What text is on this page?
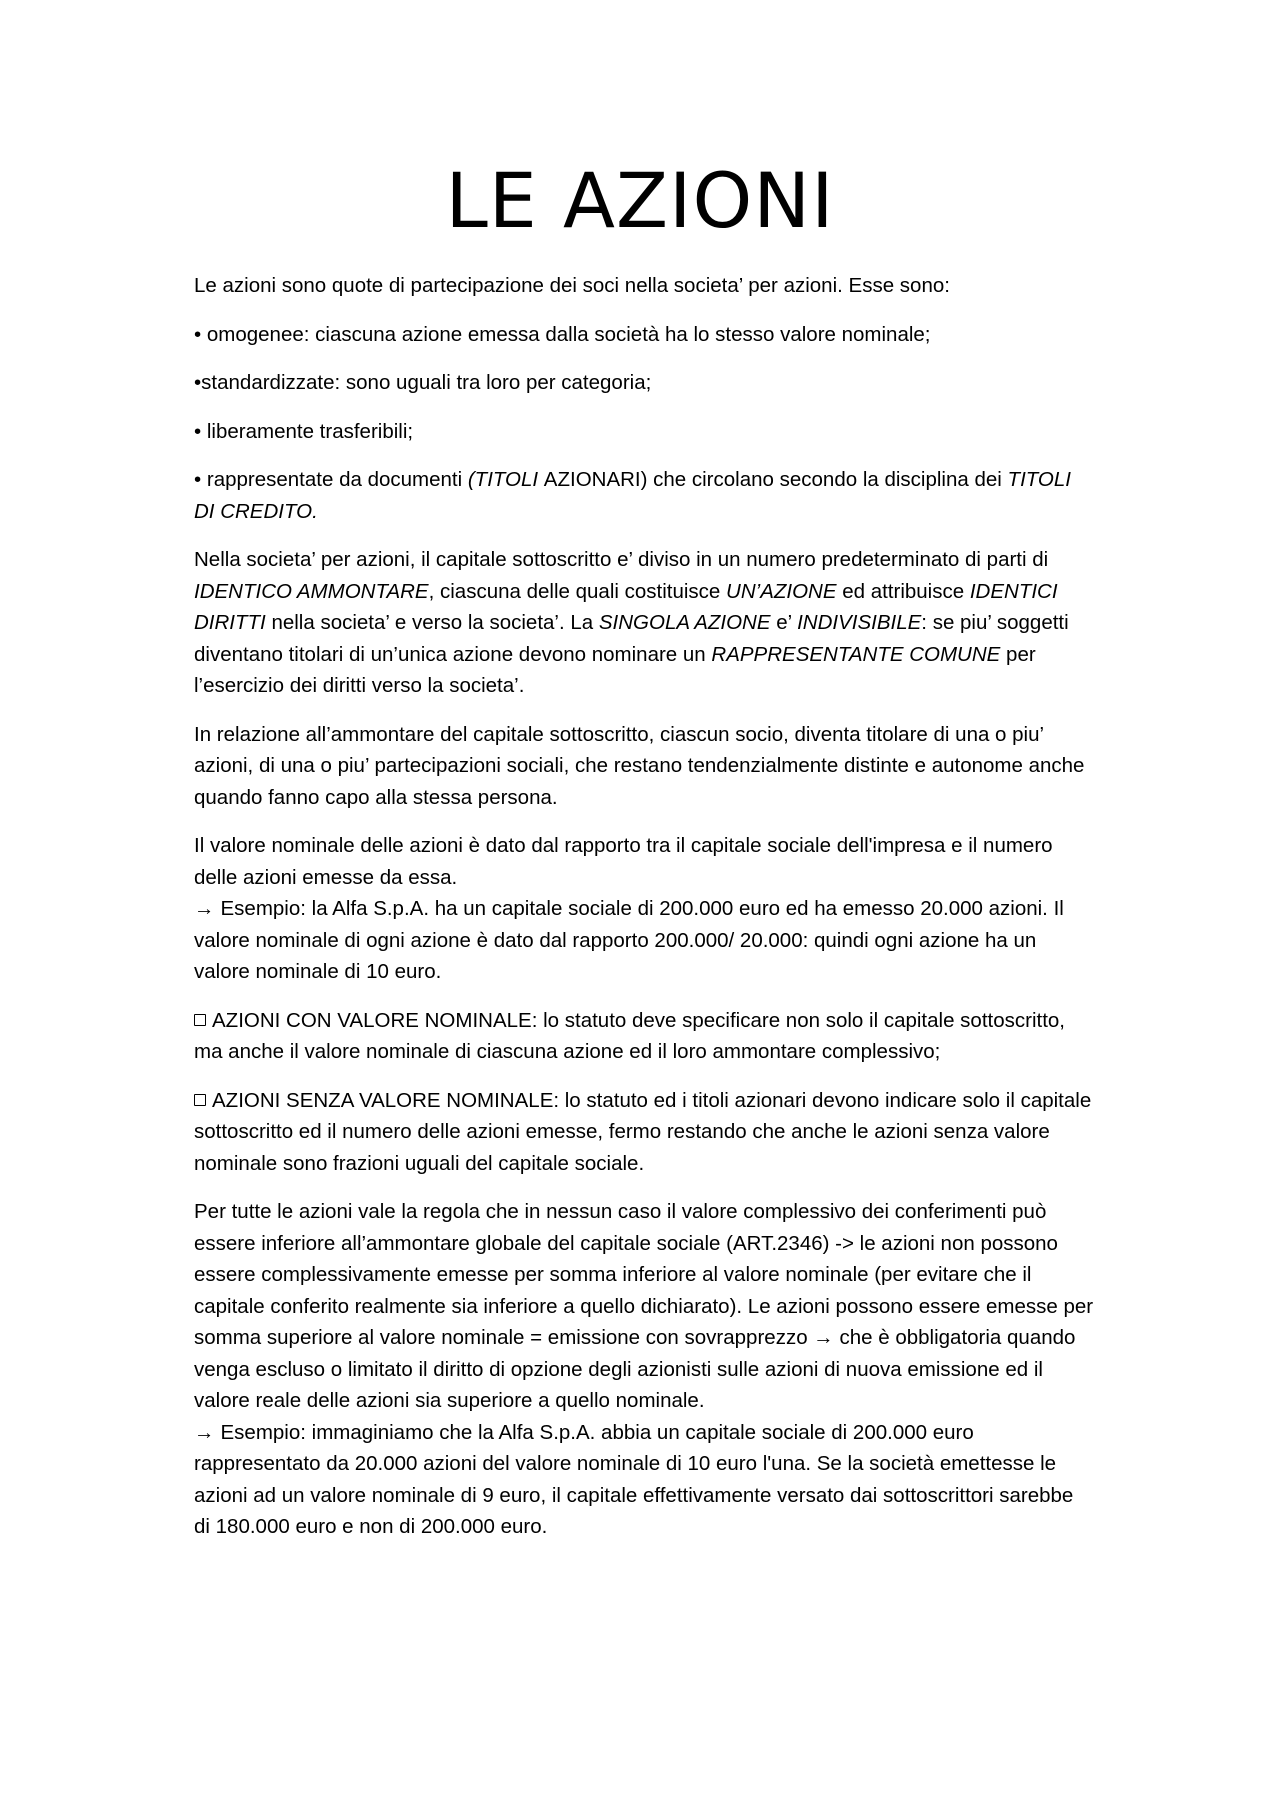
LE AZIONI

Le azioni sono quote di partecipazione dei soci nella societa’ per azioni. Esse sono:

• omogenee: ciascuna azione emessa dalla società ha lo stesso valore nominale;

•standardizzate: sono uguali tra loro per categoria;

• liberamente trasferibili;

• rappresentate da documenti (TITOLI AZIONARI) che circolano secondo la disciplina dei TITOLI DI CREDITO.

Nella societa’ per azioni, il capitale sottoscritto e’ diviso in un numero predeterminato di parti di IDENTICO AMMONTARE, ciascuna delle quali costituisce UN’AZIONE ed attribuisce IDENTICI DIRITTI nella societa’ e verso la societa’. La SINGOLA AZIONE e’ INDIVISIBILE: se piu’ soggetti diventano titolari di un’unica azione devono nominare un RAPPRESENTANTE COMUNE per l’esercizio dei diritti verso la societa’.

In relazione all’ammontare del capitale sottoscritto, ciascun socio, diventa titolare di una o piu’ azioni, di una o piu’ partecipazioni sociali, che restano tendenzialmente distinte e autonome anche quando fanno capo alla stessa persona.

Il valore nominale delle azioni è dato dal rapporto tra il capitale sociale dell'impresa e il numero delle azioni emesse da essa.
→ Esempio: la Alfa S.p.A. ha un capitale sociale di 200.000 euro ed ha emesso 20.000 azioni. Il valore nominale di ogni azione è dato dal rapporto 200.000/ 20.000: quindi ogni azione ha un valore nominale di 10 euro.

AZIONI CON VALORE NOMINALE: lo statuto deve specificare non solo il capitale sottoscritto, ma anche il valore nominale di ciascuna azione ed il loro ammontare complessivo;

AZIONI SENZA VALORE NOMINALE: lo statuto ed i titoli azionari devono indicare solo il capitale sottoscritto ed il numero delle azioni emesse, fermo restando che anche le azioni senza valore nominale sono frazioni uguali del capitale sociale.

Per tutte le azioni vale la regola che in nessun caso il valore complessivo dei conferimenti può essere inferiore all’ammontare globale del capitale sociale (ART.2346) -> le azioni non possono essere complessivamente emesse per somma inferiore al valore nominale (per evitare che il capitale conferito realmente sia inferiore a quello dichiarato). Le azioni possono essere emesse per somma superiore al valore nominale = emissione con sovrapprezzo → che è obbligatoria quando venga escluso o limitato il diritto di opzione degli azionisti sulle azioni di nuova emissione ed il valore reale delle azioni sia superiore a quello nominale.
→ Esempio: immaginiamo che la Alfa S.p.A. abbia un capitale sociale di 200.000 euro rappresentato da 20.000 azioni del valore nominale di 10 euro l'una. Se la società emettesse le azioni ad un valore nominale di 9 euro, il capitale effettivamente versato dai sottoscrittori sarebbe di 180.000 euro e non di 200.000 euro.
